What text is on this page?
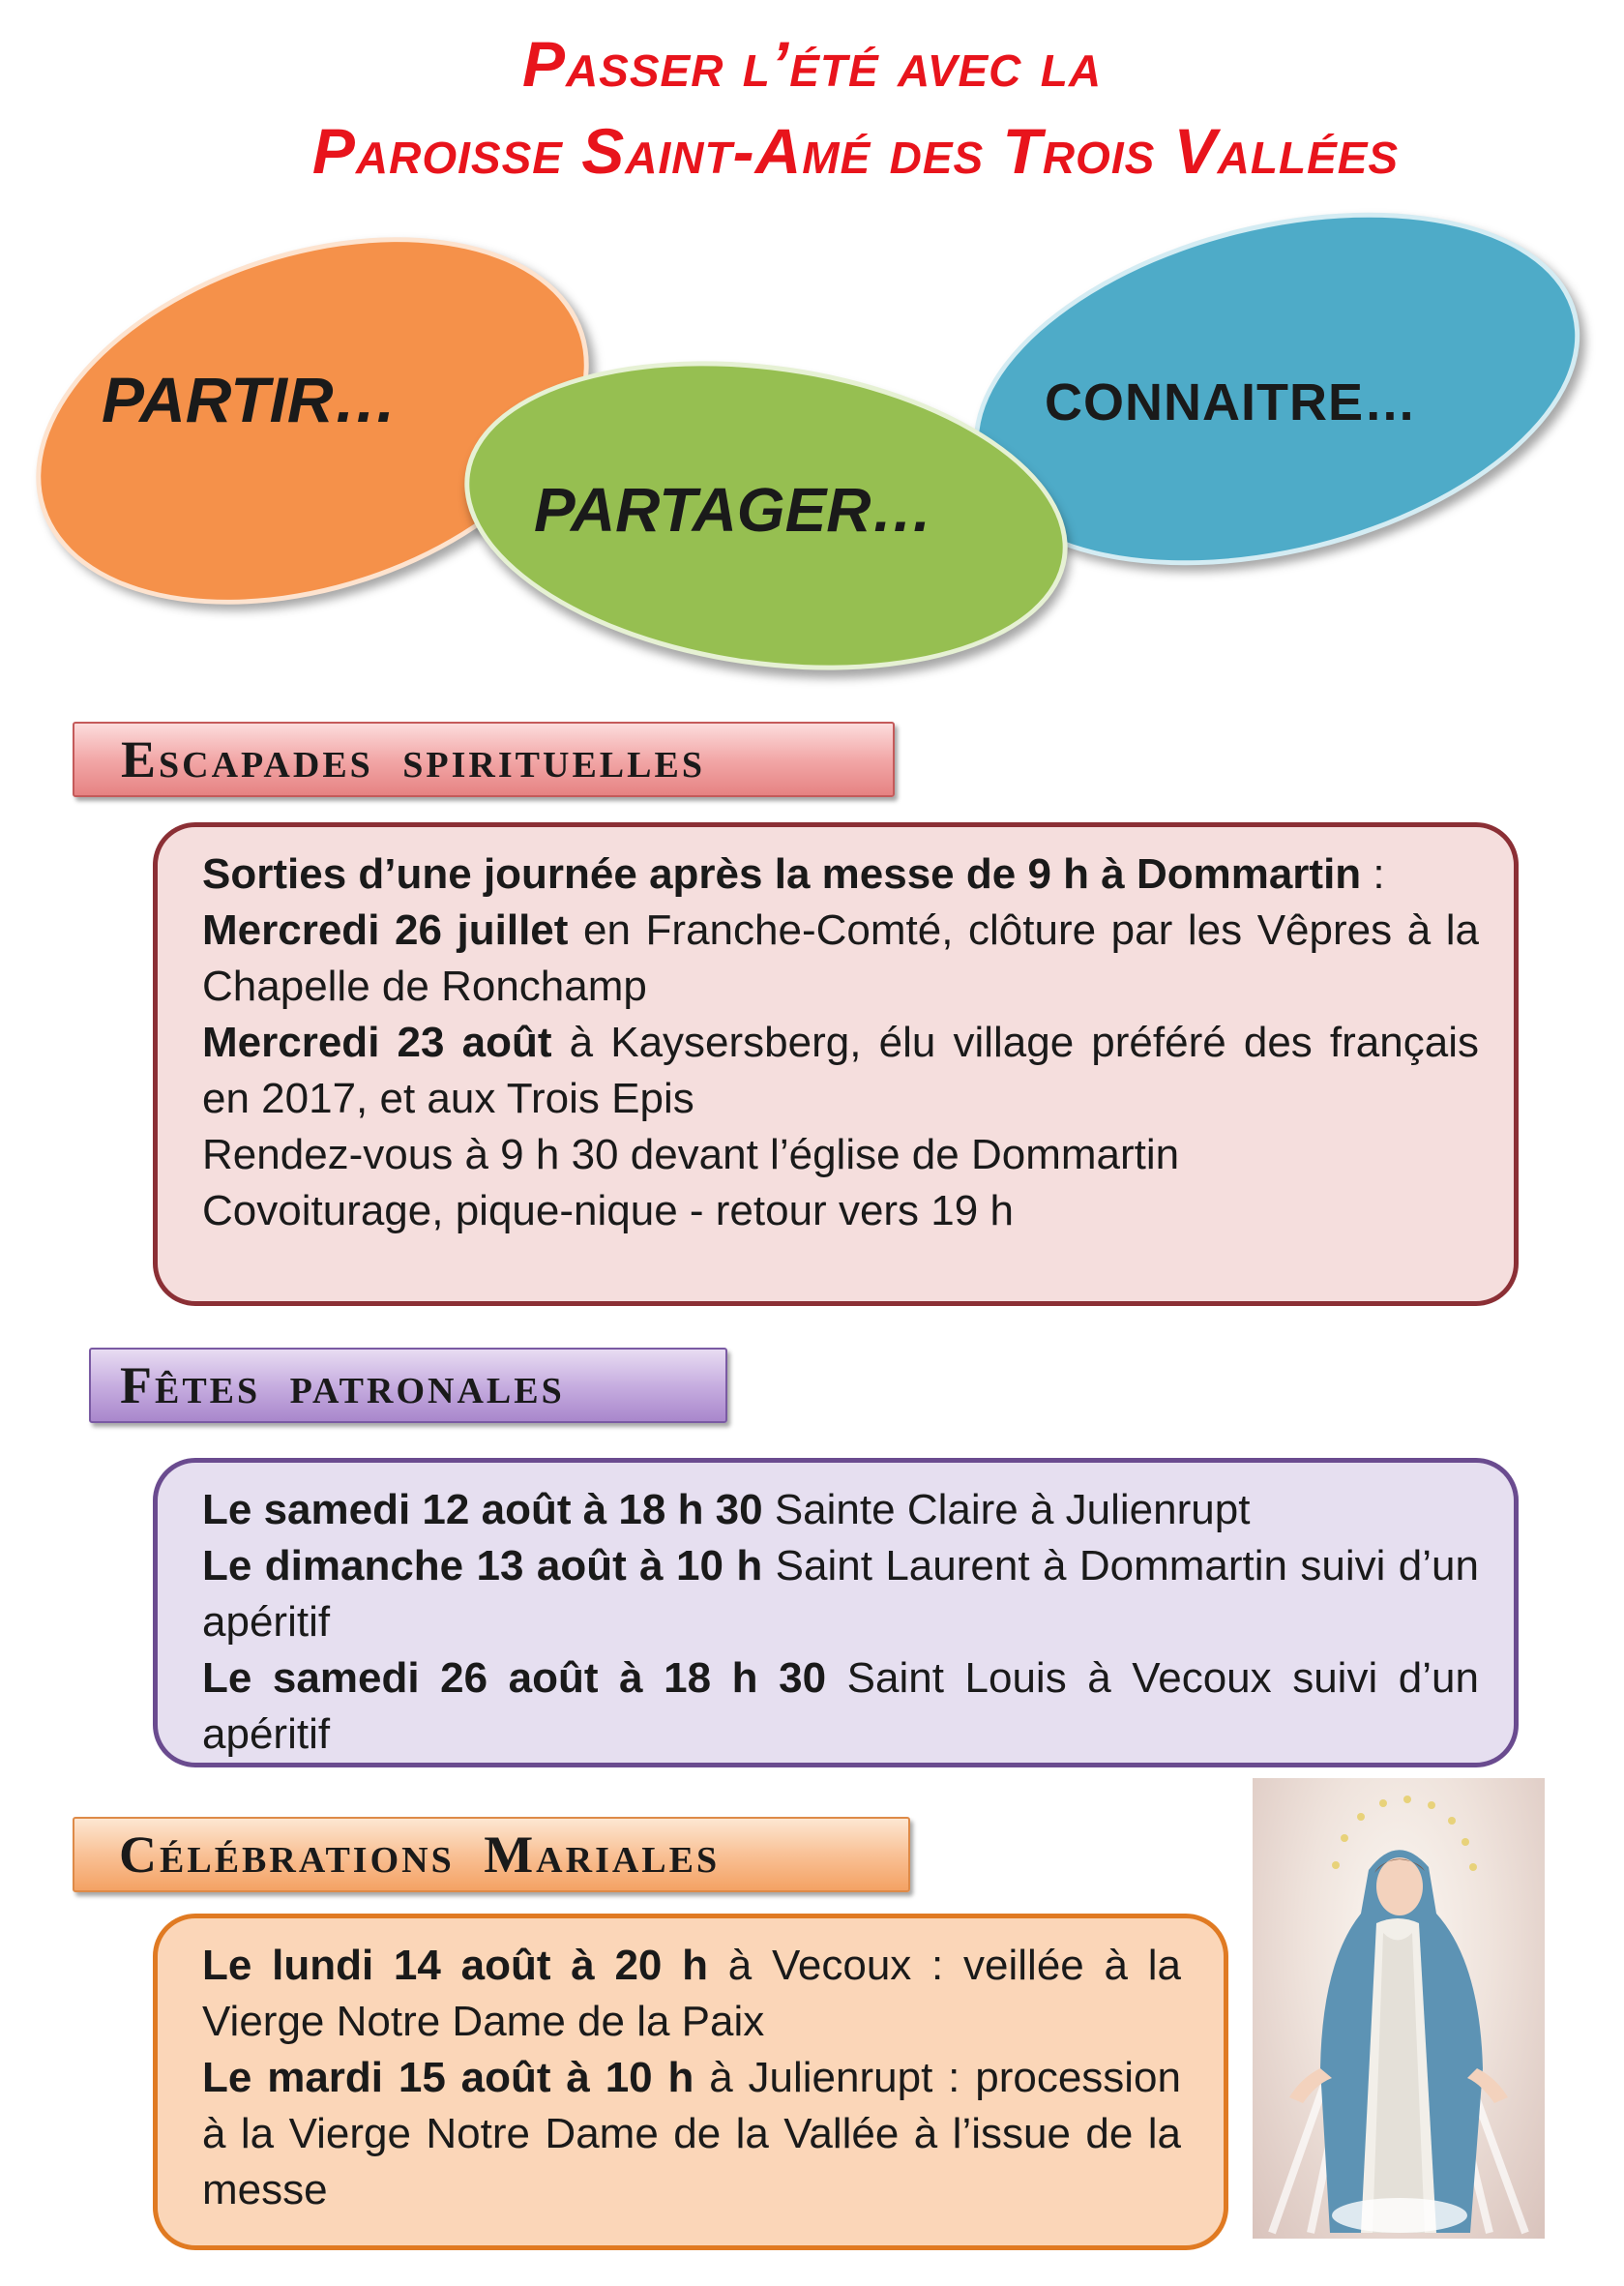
Passer l’été avec la
Paroisse Saint-Amé des Trois Vallées
PARTIR…
PARTAGER…
CONNAITRE…
Escapades spirituelles

Sorties d’une journée après la messe de 9 h à Dommartin :

Mercredi 26 juillet en Franche-Comté, clôture par les Vêpres à la Chapelle de Ronchamp

Mercredi 23 août à Kaysersberg, élu village préféré des français en 2017, et aux Trois Epis

Rendez-vous à 9 h 30 devant l’église de Dommartin

Covoiturage, pique-nique - retour vers 19 h

Fêtes patronales

Le samedi 12 août à 18 h 30 Sainte Claire à Julienrupt

Le dimanche 13 août à 10 h Saint Laurent à Dommartin suivi d’un apéritif

Le samedi 26 août à 18 h 30 Saint Louis à Vecoux suivi d’un apéritif

Célébrations Mariales

Le lundi 14 août à 20 h à Vecoux : veillée à la Vierge Notre Dame de la Paix

Le mardi 15 août à 10 h à Julienrupt : procession à la Vierge Notre Dame de la Vallée à l’issue de la messe
